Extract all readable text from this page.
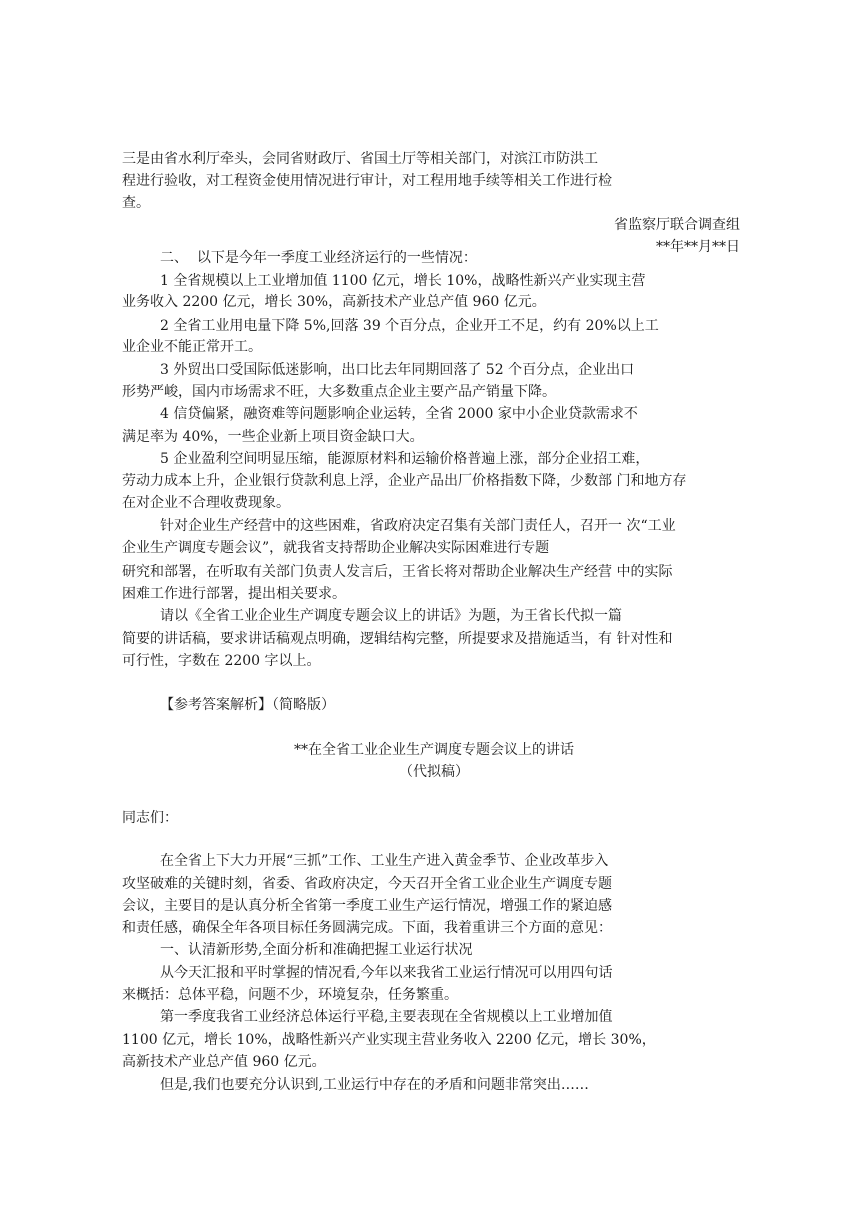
三是由省水利厅牵头，会同省财政厅、省国土厅等相关部门，对滨江市防洪工
程进行验收，对工程资金使用情况进行审计，对工程用地手续等相关工作进行检
查。
省监察厅联合调查组
**年**月**日
二、  以下是今年一季度工业经济运行的一些情况：
1 全省规模以上工业增加值 1100 亿元，增长 10%，战略性新兴产业实现主营
业务收入 2200 亿元，增长 30%，高新技术产业总产值 960 亿元。
2 全省工业用电量下降 5%,回落 39 个百分点，企业开工不足，约有 20%以上工
业企业不能正常开工。
3 外贸出口受国际低迷影响，出口比去年同期回落了 52 个百分点，企业出口
形势严峻，国内市场需求不旺，大多数重点企业主要产品产销量下降。
4 信贷偏紧，融资难等问题影响企业运转，全省 2000 家中小企业贷款需求不
满足率为 40%，一些企业新上项目资金缺口大。
5 企业盈利空间明显压缩，能源原材料和运输价格普遍上涨，部分企业招工难，
劳动力成本上升，企业银行贷款利息上浮，企业产品出厂价格指数下降，少数部 门和地方存
在对企业不合理收费现象。
针对企业生产经营中的这些困难，省政府决定召集有关部门责任人，召开一 次“工业
企业生产调度专题会议”，就我省支持帮助企业解决实际困难进行专题
研究和部署，在听取有关部门负责人发言后，王省长将对帮助企业解决生产经营 中的实际
困难工作进行部署，提出相关要求。
请以《全省工业企业生产调度专题会议上的讲话》为题，为王省长代拟一篇
简要的讲话稿，要求讲话稿观点明确，逻辑结构完整，所提要求及措施适当，有 针对性和
可行性，字数在 2200 字以上。
【参考答案解析】（简略版）
**在全省工业企业生产调度专题会议上的讲话
（代拟稿）
同志们：
在全省上下大力开展“三抓”工作、工业生产进入黄金季节、企业改革步入
攻坚破难的关键时刻，省委、省政府决定，今天召开全省工业企业生产调度专题
会议，主要目的是认真分析全省第一季度工业生产运行情况，增强工作的紧迫感
和责任感，确保全年各项目标任务圆满完成。下面，我着重讲三个方面的意见：
一、认清新形势,全面分析和准确把握工业运行状况
从今天汇报和平时掌握的情况看,今年以来我省工业运行情况可以用四句话
来概括：总体平稳，问题不少，环境复杂，任务繁重。
第一季度我省工业经济总体运行平稳,主要表现在全省规模以上工业增加值
1100 亿元，增长 10%，战略性新兴产业实现主营业务收入 2200 亿元，增长 30%，
高新技术产业总产值 960 亿元。
但是,我们也要充分认识到,工业运行中存在的矛盾和问题非常突出……
